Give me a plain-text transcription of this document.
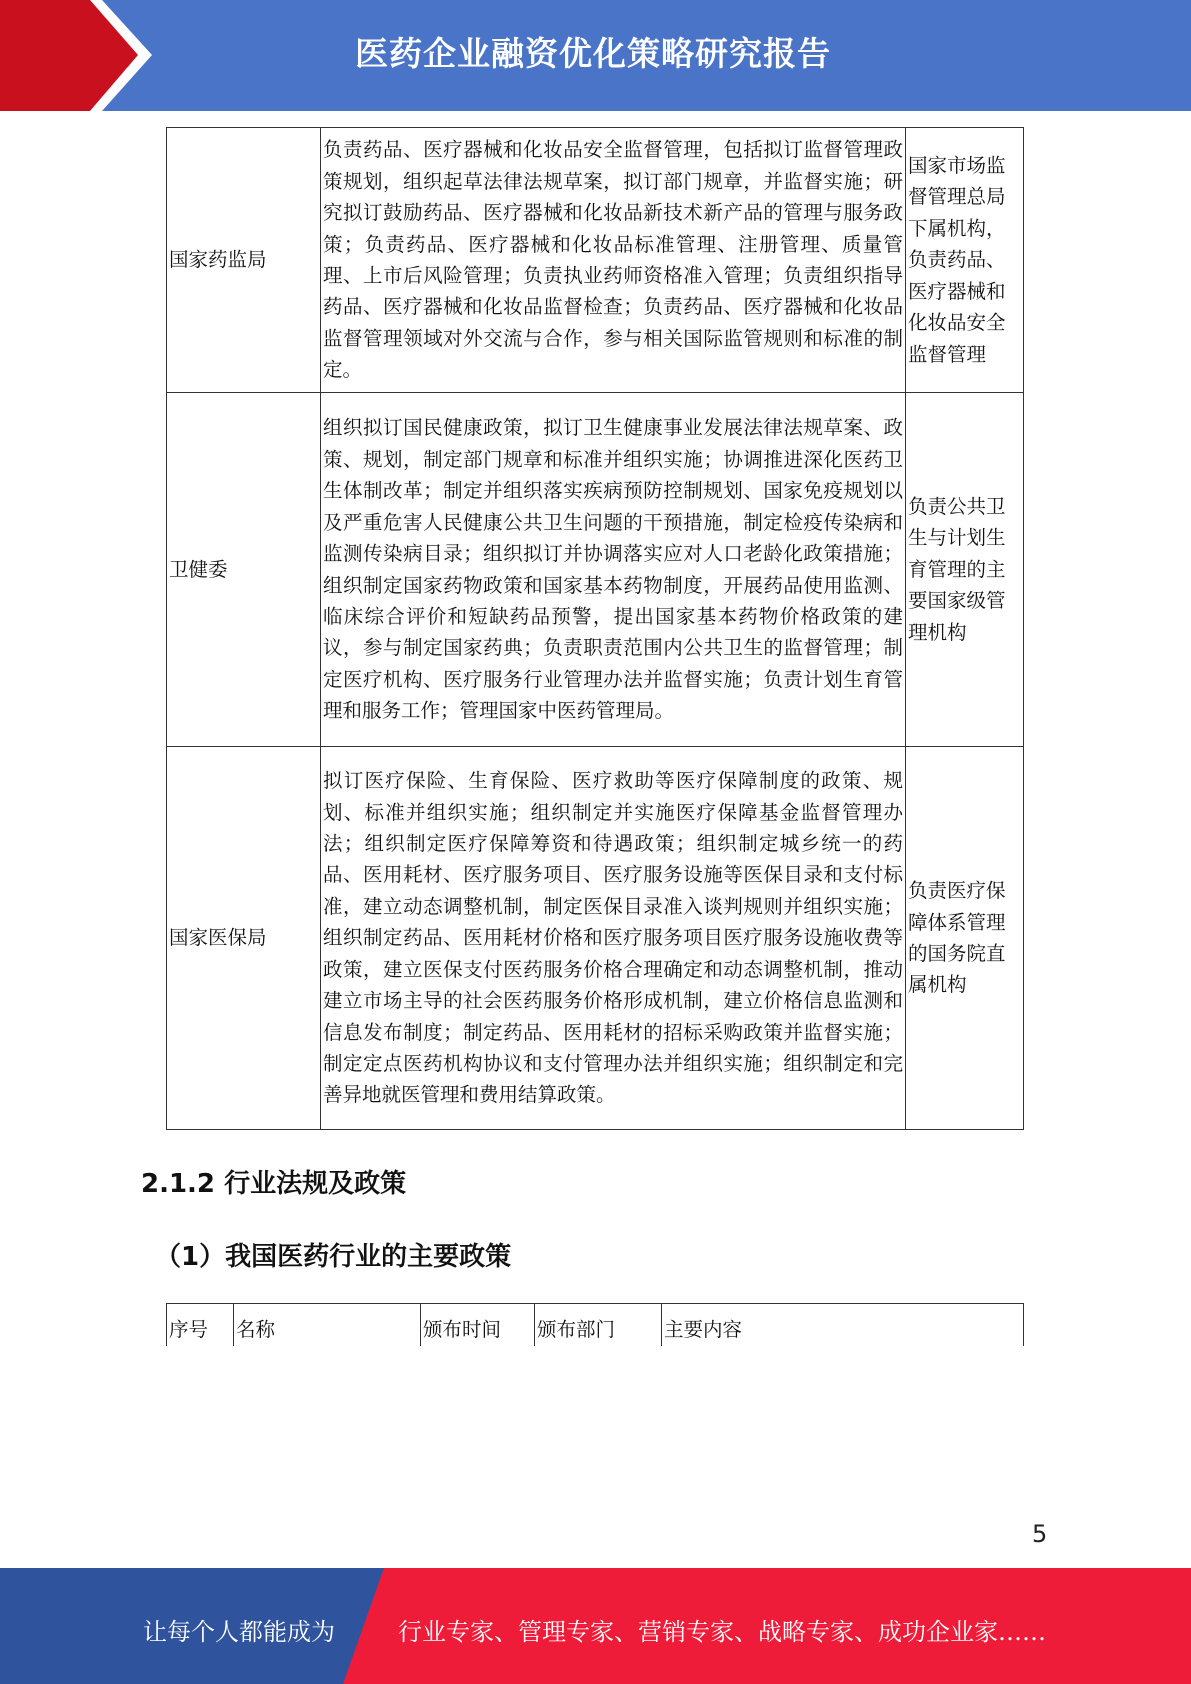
医药企业融资优化策略研究报告
国家药监局	负责药品、医疗器械和化妆品安全监督管理，包括拟订监督管理政策规划，组织起草法律法规草案，拟订部门规章，并监督实施；研究拟订鼓励药品、医疗器械和化妆品新技术新产品的管理与服务政策；负责药品、医疗器械和化妆品标准管理、注册管理、质量管理、上市后风险管理；负责执业药师资格准入管理；负责组织指导药品、医疗器械和化妆品监督检查；负责药品、医疗器械和化妆品监督管理领域对外交流与合作，参与相关国际监管规则和标准的制定。	国家市场监督管理总局下属机构，负责药品、医疗器械和化妆品安全监督管理
卫健委	组织拟订国民健康政策，拟订卫生健康事业发展法律法规草案、政策、规划，制定部门规章和标准并组织实施；协调推进深化医药卫生体制改革；制定并组织落实疾病预防控制规划、国家免疫规划以及严重危害人民健康公共卫生问题的干预措施，制定检疫传染病和监测传染病目录；组织拟订并协调落实应对人口老龄化政策措施；组织制定国家药物政策和国家基本药物制度，开展药品使用监测、临床综合评价和短缺药品预警，提出国家基本药物价格政策的建议，参与制定国家药典；负责职责范围内公共卫生的监督管理；制定医疗机构、医疗服务行业管理办法并监督实施；负责计划生育管理和服务工作；管理国家中医药管理局。	负责公共卫生与计划生育管理的主要国家级管理机构
国家医保局	拟订医疗保险、生育保险、医疗救助等医疗保障制度的政策、规划、标准并组织实施；组织制定并实施医疗保障基金监督管理办法；组织制定医疗保障筹资和待遇政策；组织制定城乡统一的药品、医用耗材、医疗服务项目、医疗服务设施等医保目录和支付标准，建立动态调整机制，制定医保目录准入谈判规则并组织实施；组织制定药品、医用耗材价格和医疗服务项目医疗服务设施收费等政策，建立医保支付医药服务价格合理确定和动态调整机制，推动建立市场主导的社会医药服务价格形成机制，建立价格信息监测和信息发布制度；制定药品、医用耗材的招标采购政策并监督实施；制定定点医药机构协议和支付管理办法并组织实施；组织制定和完善异地就医管理和费用结算政策。	负责医疗保障体系管理的国务院直属机构
2.1.2 行业法规及政策
（1）我国医药行业的主要政策
序号	名称	颁布时间	颁布部门	主要内容
5
让每个人都能成为	行业专家、管理专家、营销专家、战略专家、成功企业家……
